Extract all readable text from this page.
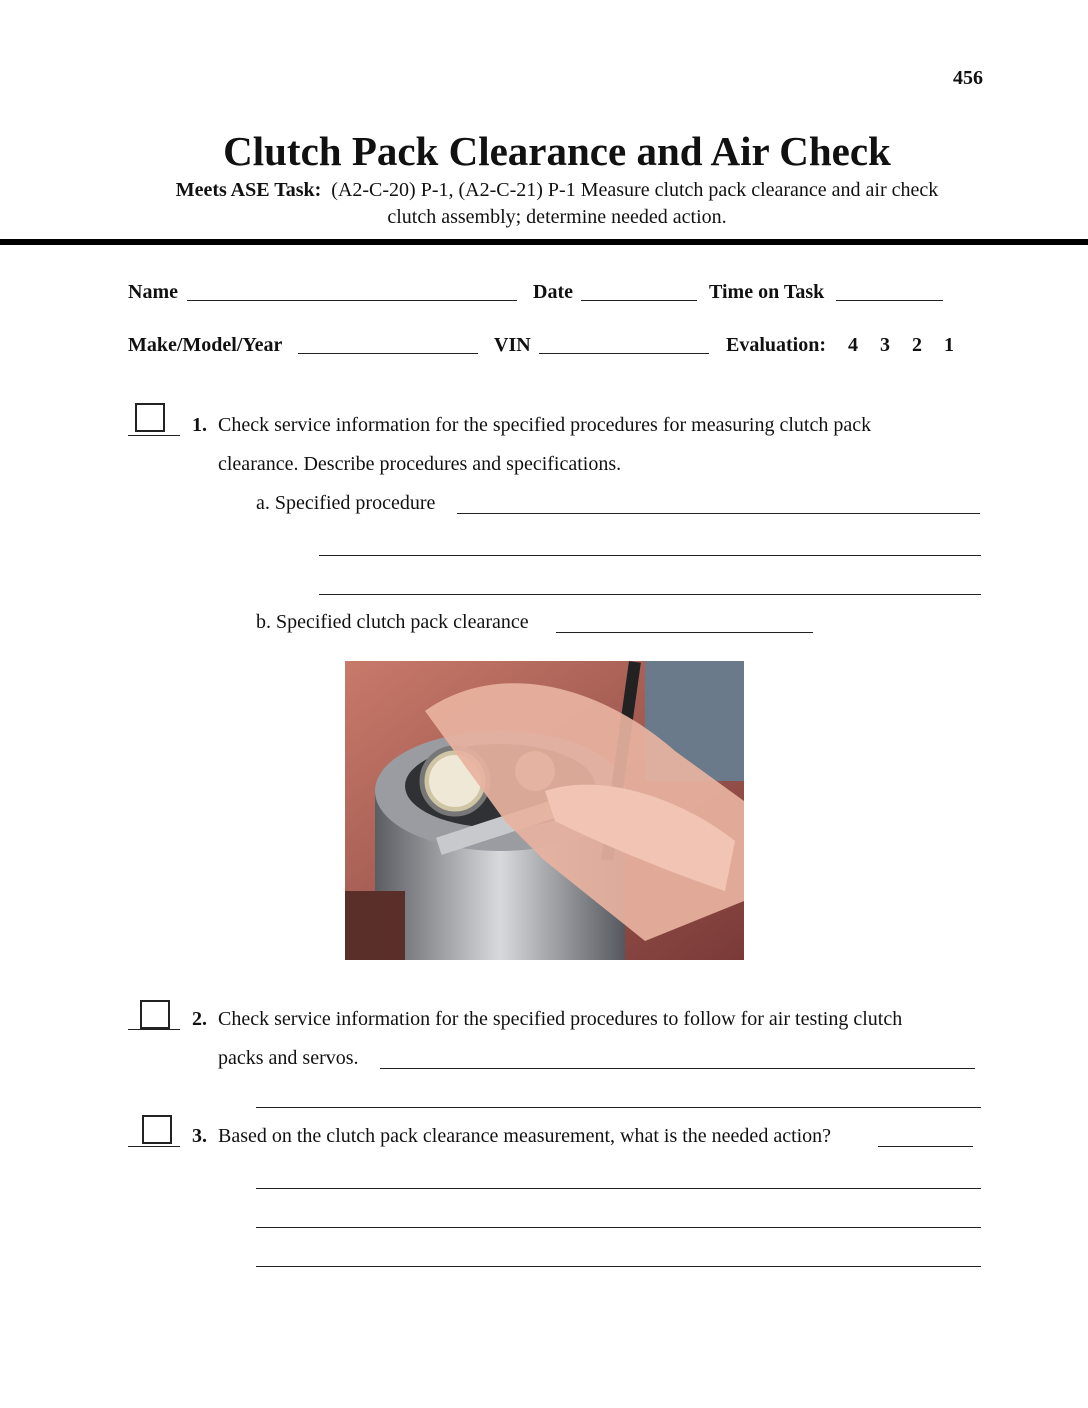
456
Clutch Pack Clearance and Air Check
Meets ASE Task: (A2-C-20) P-1, (A2-C-21) P-1 Measure clutch pack clearance and air check
clutch assembly; determine needed action.
Name	Date	Time on Task
Make/Model/Year	VIN	Evaluation: 4 3 2 1
1. Check service information for the specified procedures for measuring clutch pack
clearance. Describe procedures and specifications.
a. Specified procedure
b. Specified clutch pack clearance
2. Check service information for the specified procedures to follow for air testing clutch
packs and servos.
3. Based on the clutch pack clearance measurement, what is the needed action?
